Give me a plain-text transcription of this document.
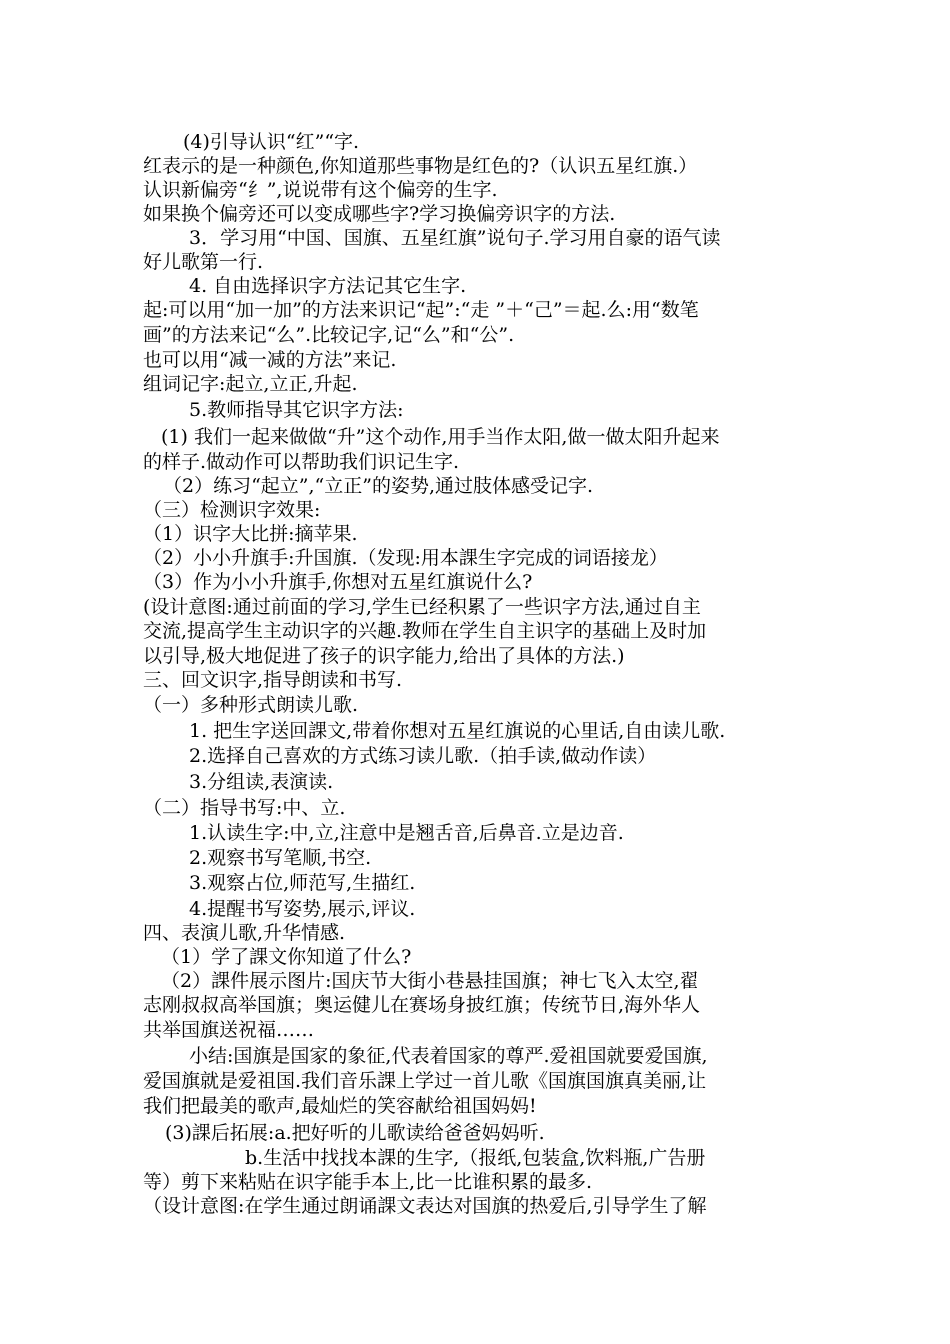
(4)引导认识“红”“字.
红表示的是一种颜色,你知道那些事物是红色的?（认识五星红旗.）
认识新偏旁“纟”,说说带有这个偏旁的生字.
如果换个偏旁还可以变成哪些字?学习换偏旁识字的方法.
3．学习用“中国、国旗、五星红旗”说句子.学习用自豪的语气读
好儿歌第一行.
4. 自由选择识字方法记其它生字.
起:可以用“加一加”的方法来识记“起”:“走 ”＋“己”＝起.么:用“数笔
画”的方法来记“么”.比较记字,记“么”和“公”.
也可以用“减一减的方法”来记.
组词记字:起立,立正,升起.
5.教师指导其它识字方法:
(1) 我们一起来做做“升”这个动作,用手当作太阳,做一做太阳升起来
的样子.做动作可以帮助我们识记生字.
（2）练习“起立”,“立正”的姿势,通过肢体感受记字.
（三）检测识字效果:
（1）识字大比拼:摘苹果.
（2）小小升旗手:升国旗.（发现:用本課生字完成的词语接龙）
（3）作为小小升旗手,你想对五星红旗说什么?
(设计意图:通过前面的学习,学生已经积累了一些识字方法,通过自主
交流,提高学生主动识字的兴趣.教师在学生自主识字的基础上及时加
以引导,极大地促进了孩子的识字能力,给出了具体的方法.)
三、回文识字,指导朗读和书写.
（一）多种形式朗读儿歌.
1. 把生字送回課文,带着你想对五星红旗说的心里话,自由读儿歌.
2.选择自己喜欢的方式练习读儿歌.（拍手读,做动作读）
3.分组读,表演读.
（二）指导书写:中、立.
1.认读生字:中,立,注意中是翘舌音,后鼻音.立是边音.
2.观察书写笔顺,书空.
3.观察占位,师范写,生描红.
4.提醒书写姿势,展示,评议.
四、表演儿歌,升华情感.
（1）学了課文你知道了什么?
（2）課件展示图片:国庆节大街小巷悬挂国旗；神七飞入太空,翟
志刚叔叔高举国旗；奥运健儿在赛场身披红旗；传统节日,海外华人
共举国旗送祝福……
小结:国旗是国家的象征,代表着国家的尊严.爱祖国就要爱国旗,
爱国旗就是爱祖国.我们音乐課上学过一首儿歌《国旗国旗真美丽,让
我们把最美的歌声,最灿烂的笑容献给祖国妈妈!
(3)課后拓展:a.把好听的儿歌读给爸爸妈妈听.
b.生活中找找本課的生字,（报纸,包装盒,饮料瓶,广告册
等）剪下来粘贴在识字能手本上,比一比谁积累的最多.
（设计意图:在学生通过朗诵課文表达对国旗的热爱后,引导学生了解
